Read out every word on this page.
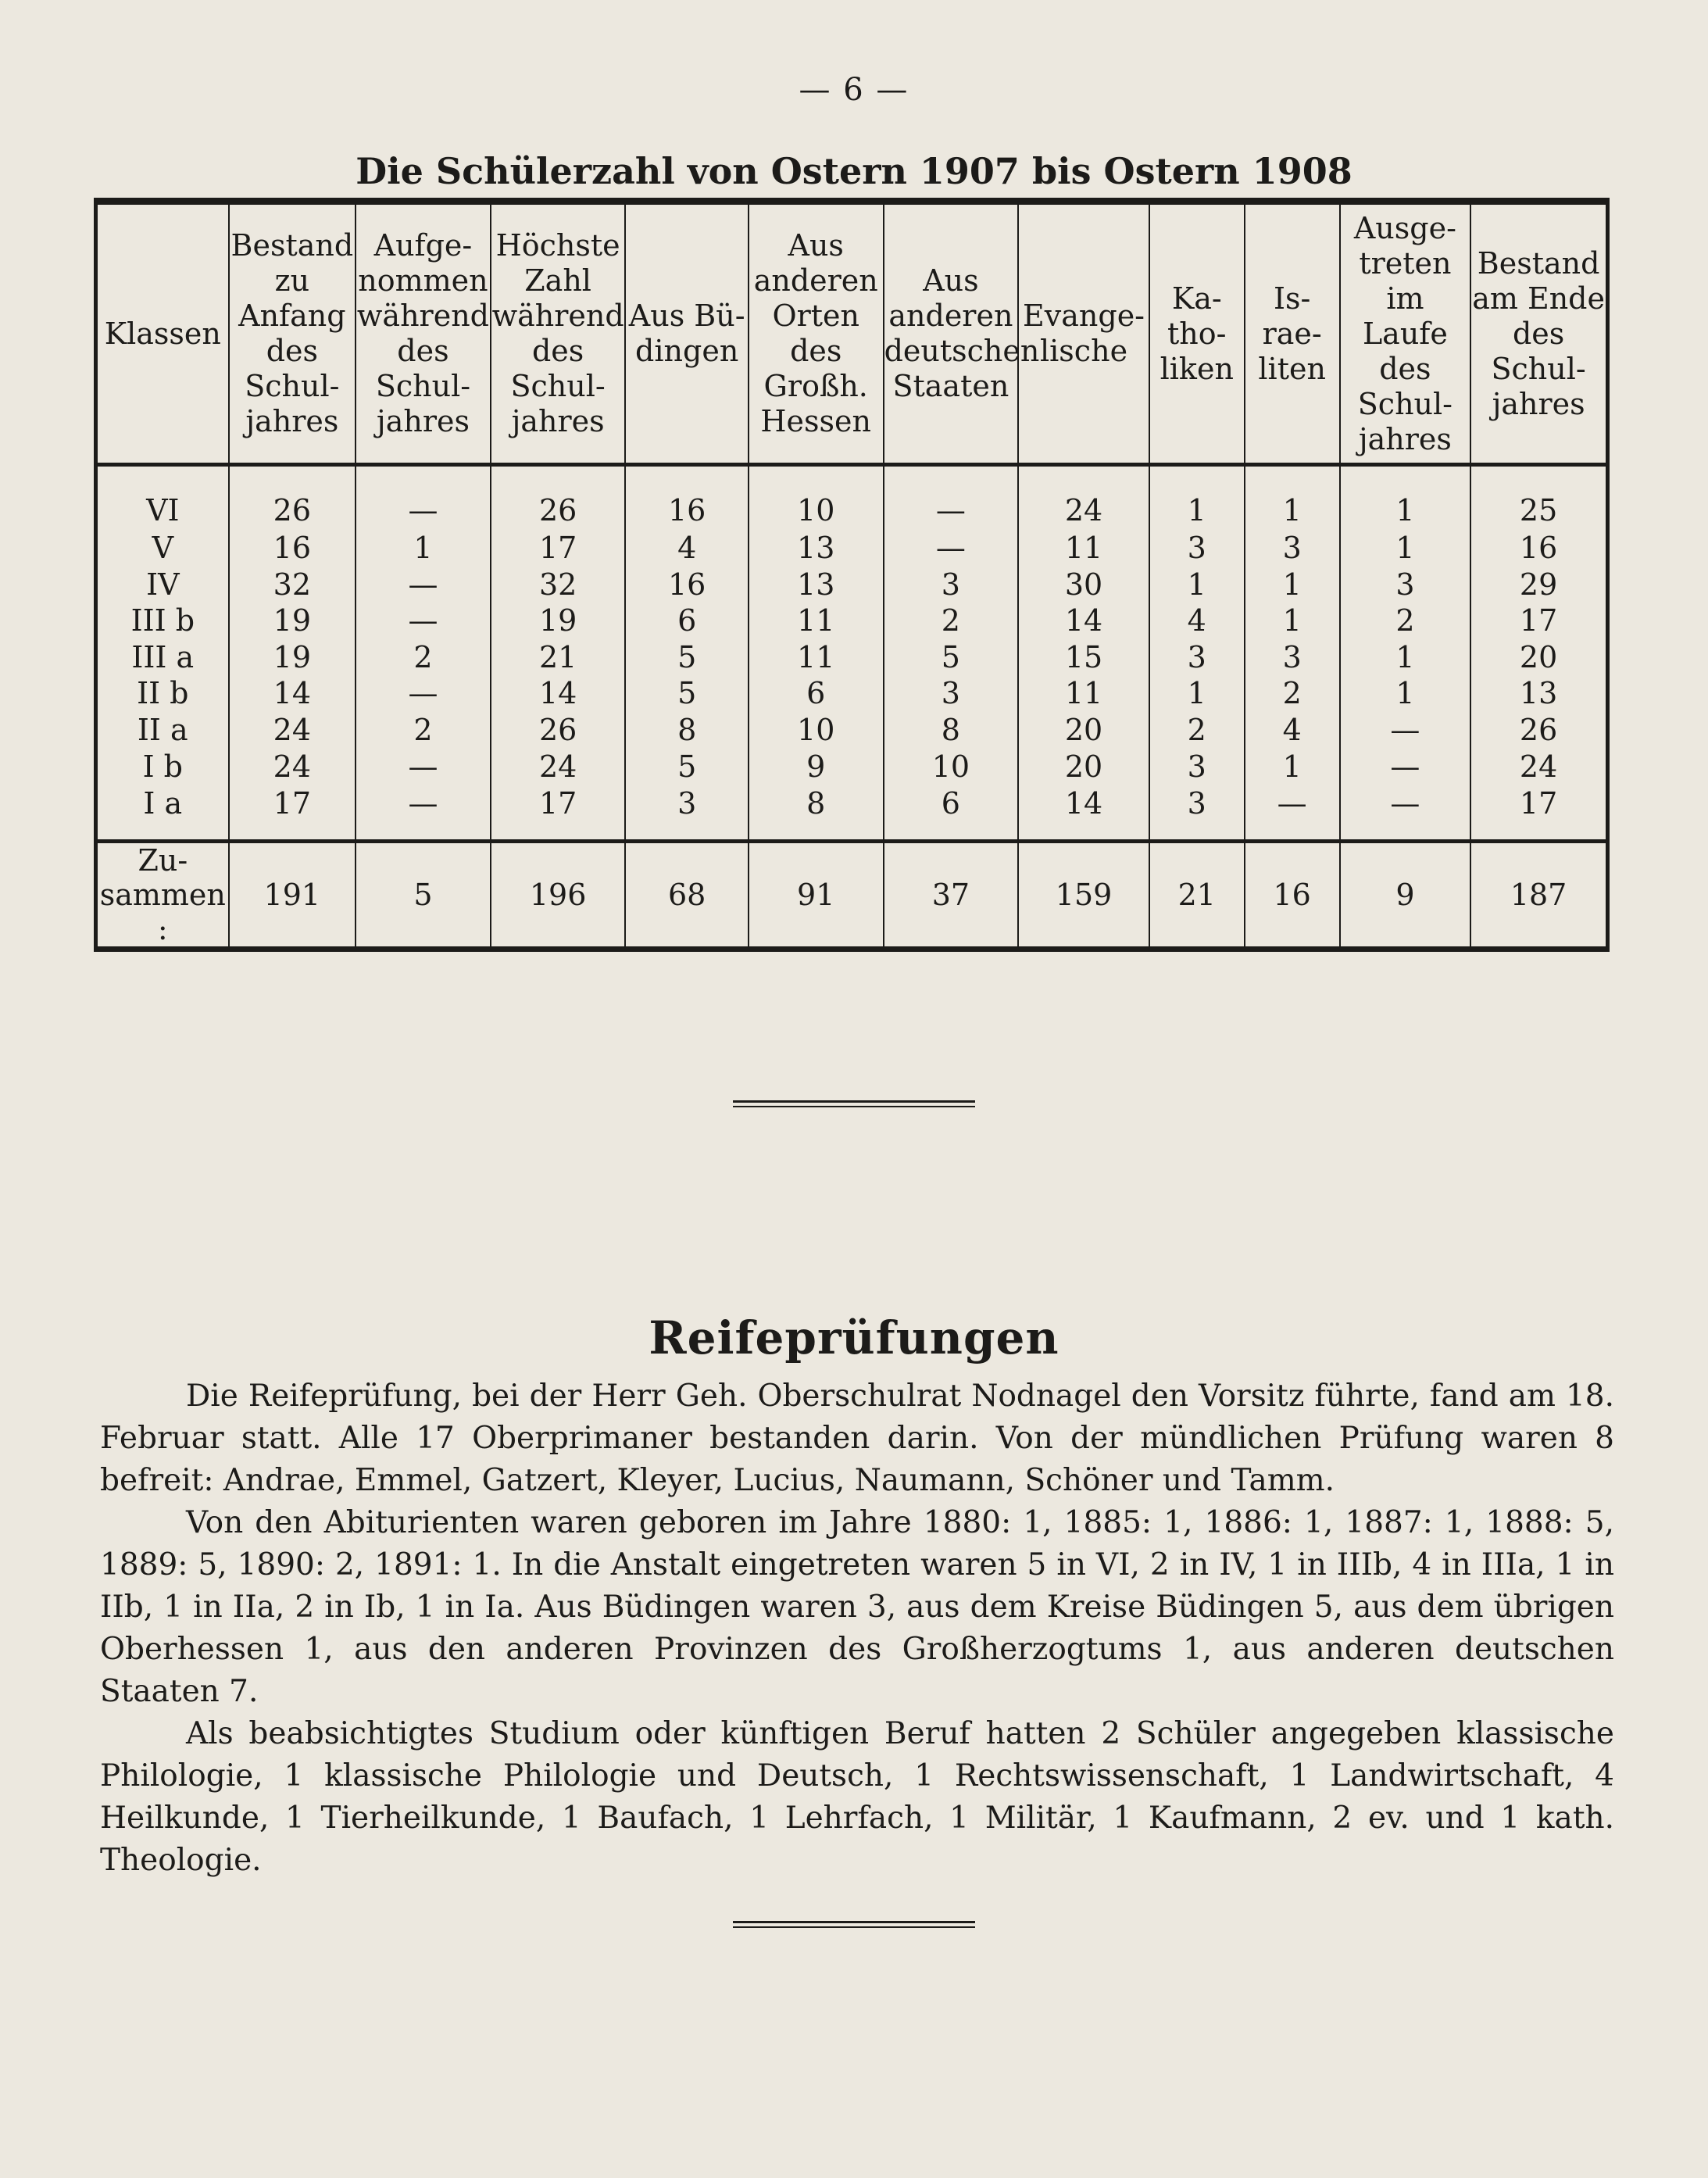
— 6 —
Die Schülerzahl von Ostern 1907 bis Ostern 1908
Klassen	Bestand zu Anfang des Schul-jahres	Aufge-nommen während des Schul-jahres	Höchste Zahl während des Schul-jahres	Aus Bü-dingen	Aus anderen Orten des Großh. Hessen	Aus anderen deutschen Staaten	Evange-lische	Ka-tho-liken	Is-rae-liten	Ausge-treten im Laufe des Schul-jahres	Bestand am Ende des Schul-jahres
VI	26	—	26	16	10	—	24	1	1	1	25
V	16	1	17	4	13	—	11	3	3	1	16
IV	32	—	32	16	13	3	30	1	1	3	29
III b	19	—	19	6	11	2	14	4	1	2	17
III a	19	2	21	5	11	5	15	3	3	1	20
II b	14	—	14	5	6	3	11	1	2	1	13
II a	24	2	26	8	10	8	20	2	4	—	26
I b	24	—	24	5	9	10	20	3	1	—	24
I a	17	—	17	3	8	6	14	3	—	—	17
Zu-sammen :	191	5	196	68	91	37	159	21	16	9	187
Reifeprüfungen

Die Reifeprüfung, bei der Herr Geh. Oberschulrat Nodnagel den Vorsitz führte, fand am 18. Februar statt. Alle 17 Oberprimaner bestanden darin. Von der mündlichen Prüfung waren 8 befreit: Andrae, Emmel, Gatzert, Kleyer, Lucius, Naumann, Schöner und Tamm.

Von den Abiturienten waren geboren im Jahre 1880: 1, 1885: 1, 1886: 1, 1887: 1, 1888: 5, 1889: 5, 1890: 2, 1891: 1. In die Anstalt eingetreten waren 5 in VI, 2 in IV, 1 in IIIb, 4 in IIIa, 1 in IIb, 1 in IIa, 2 in Ib, 1 in Ia. Aus Büdingen waren 3, aus dem Kreise Büdingen 5, aus dem übrigen Oberhessen 1, aus den anderen Provinzen des Großherzogtums 1, aus anderen deutschen Staaten 7.

Als beabsichtigtes Studium oder künftigen Beruf hatten 2 Schüler angegeben klassische Philologie, 1 klassische Philologie und Deutsch, 1 Rechtswissenschaft, 1 Landwirtschaft, 4 Heilkunde, 1 Tierheilkunde, 1 Baufach, 1 Lehrfach, 1 Militär, 1 Kaufmann, 2 ev. und 1 kath. Theologie.
